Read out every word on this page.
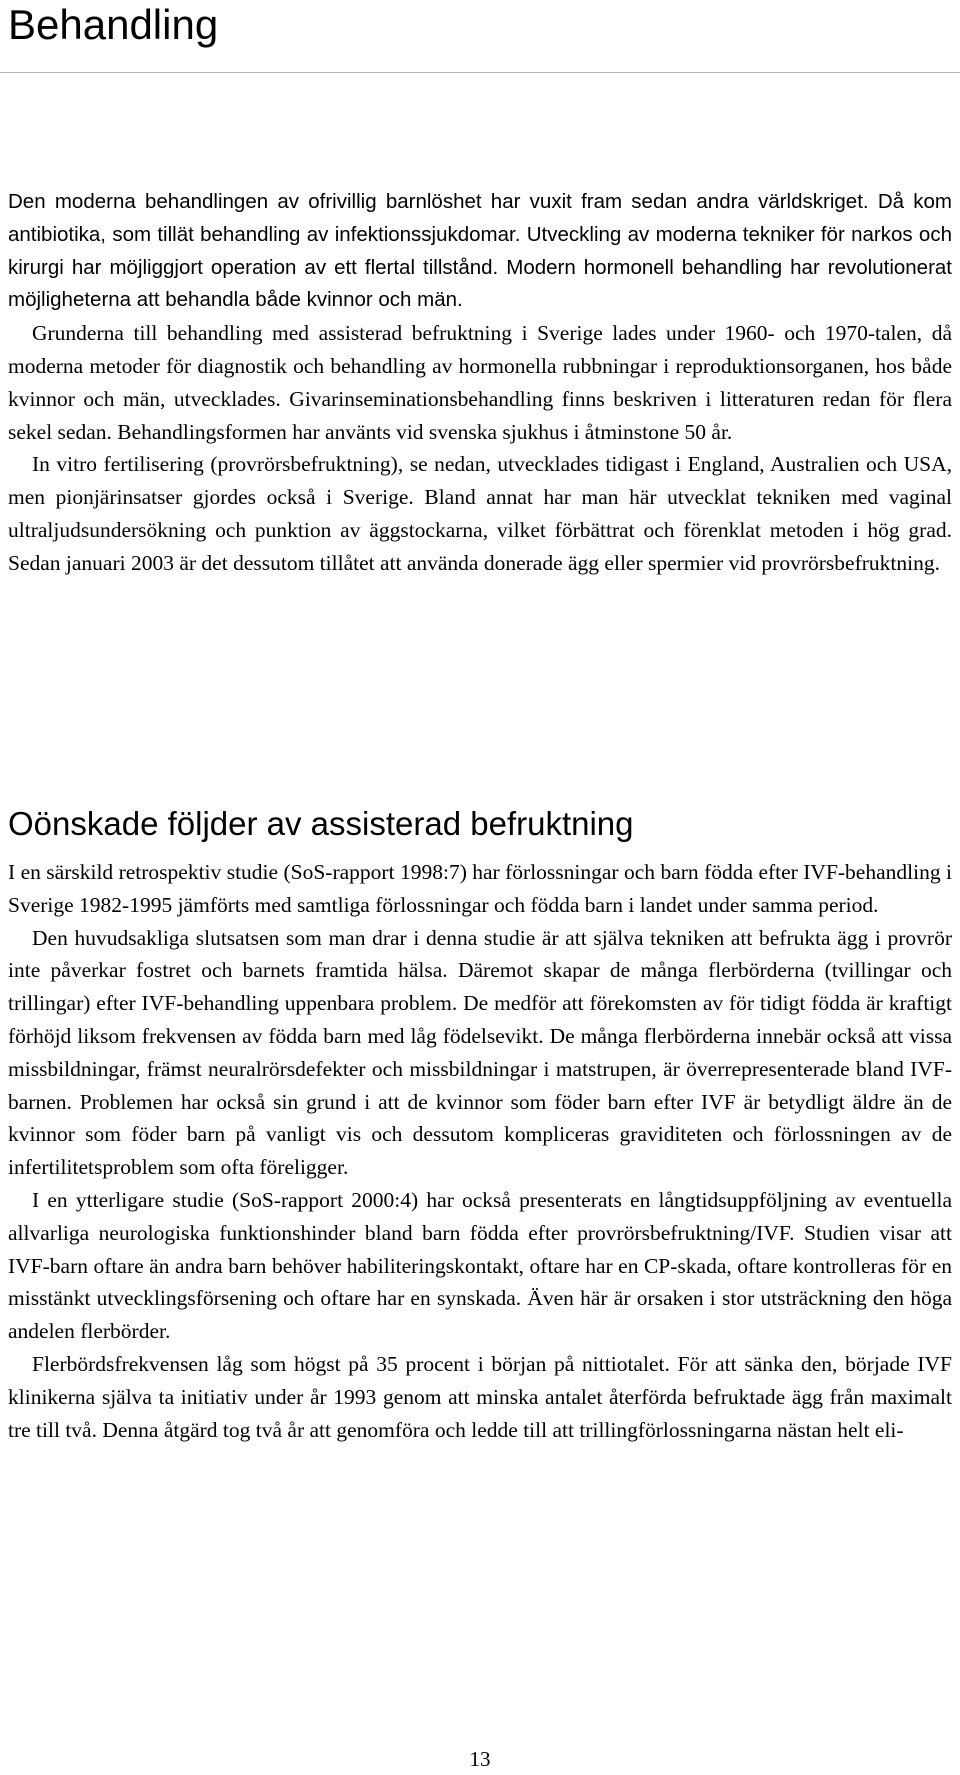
Behandling

Den moderna behandlingen av ofrivillig barnlöshet har vuxit fram sedan andra världskriget. Då kom antibiotika, som tillät behandling av infektionssjukdomar. Utveckling av moderna tekniker för narkos och kirurgi har möjliggjort operation av ett flertal tillstånd. Modern hormonell behandling har revolutionerat möjligheterna att behandla både kvinnor och män.

Grunderna till behandling med assisterad befruktning i Sverige lades under 1960- och 1970-talen, då moderna metoder för diagnostik och behandling av hormonella rubbningar i reproduktionsorganen, hos både kvinnor och män, utvecklades. Givarinseminationsbehandling finns beskriven i litteraturen redan för flera sekel sedan. Behandlingsformen har använts vid svenska sjukhus i åtminstone 50 år.

In vitro fertilisering (provrörsbefruktning), se nedan, utvecklades tidigast i England, Australien och USA, men pionjärinsatser gjordes också i Sverige. Bland annat har man här utvecklat tekniken med vaginal ultraljudsundersökning och punktion av äggstockarna, vilket förbättrat och förenklat metoden i hög grad. Sedan januari 2003 är det dessutom tillåtet att använda donerade ägg eller spermier vid provrörsbefruktning.

Oönskade följder av assisterad befruktning

I en särskild retrospektiv studie (SoS-rapport 1998:7) har förlossningar och barn födda efter IVF-behandling i Sverige 1982-1995 jämförts med samtliga förlossningar och födda barn i landet under samma period.

Den huvudsakliga slutsatsen som man drar i denna studie är att själva tekniken att befrukta ägg i provrör inte påverkar fostret och barnets framtida hälsa. Däremot skapar de många flerbörderna (tvillingar och trillingar) efter IVF-behandling uppenbara problem. De medför att förekomsten av för tidigt födda är kraftigt förhöjd liksom frekvensen av födda barn med låg födelsevikt. De många flerbörderna innebär också att vissa missbildningar, främst neuralrörsdefekter och missbildningar i matstrupen, är överrepresenterade bland IVF-barnen. Problemen har också sin grund i att de kvinnor som föder barn efter IVF är betydligt äldre än de kvinnor som föder barn på vanligt vis och dessutom kompliceras graviditeten och förlossningen av de infertilitetsproblem som ofta föreligger.

I en ytterligare studie (SoS-rapport 2000:4) har också presenterats en långtidsuppföljning av eventuella allvarliga neurologiska funktionshinder bland barn födda efter provrörsbefruktning/IVF. Studien visar att IVF-barn oftare än andra barn behöver habiliteringskontakt, oftare har en CP-skada, oftare kontrolleras för en misstänkt utvecklingsförsening och oftare har en synskada. Även här är orsaken i stor utsträckning den höga andelen flerbörder.

Flerbördsfrekvensen låg som högst på 35 procent i början på nittiotalet. För att sänka den, började IVF klinikerna själva ta initiativ under år 1993 genom att minska antalet återförda befruktade ägg från maximalt tre till två. Denna åtgärd tog två år att genomföra och ledde till att trillingförlossningarna nästan helt eli-

13
